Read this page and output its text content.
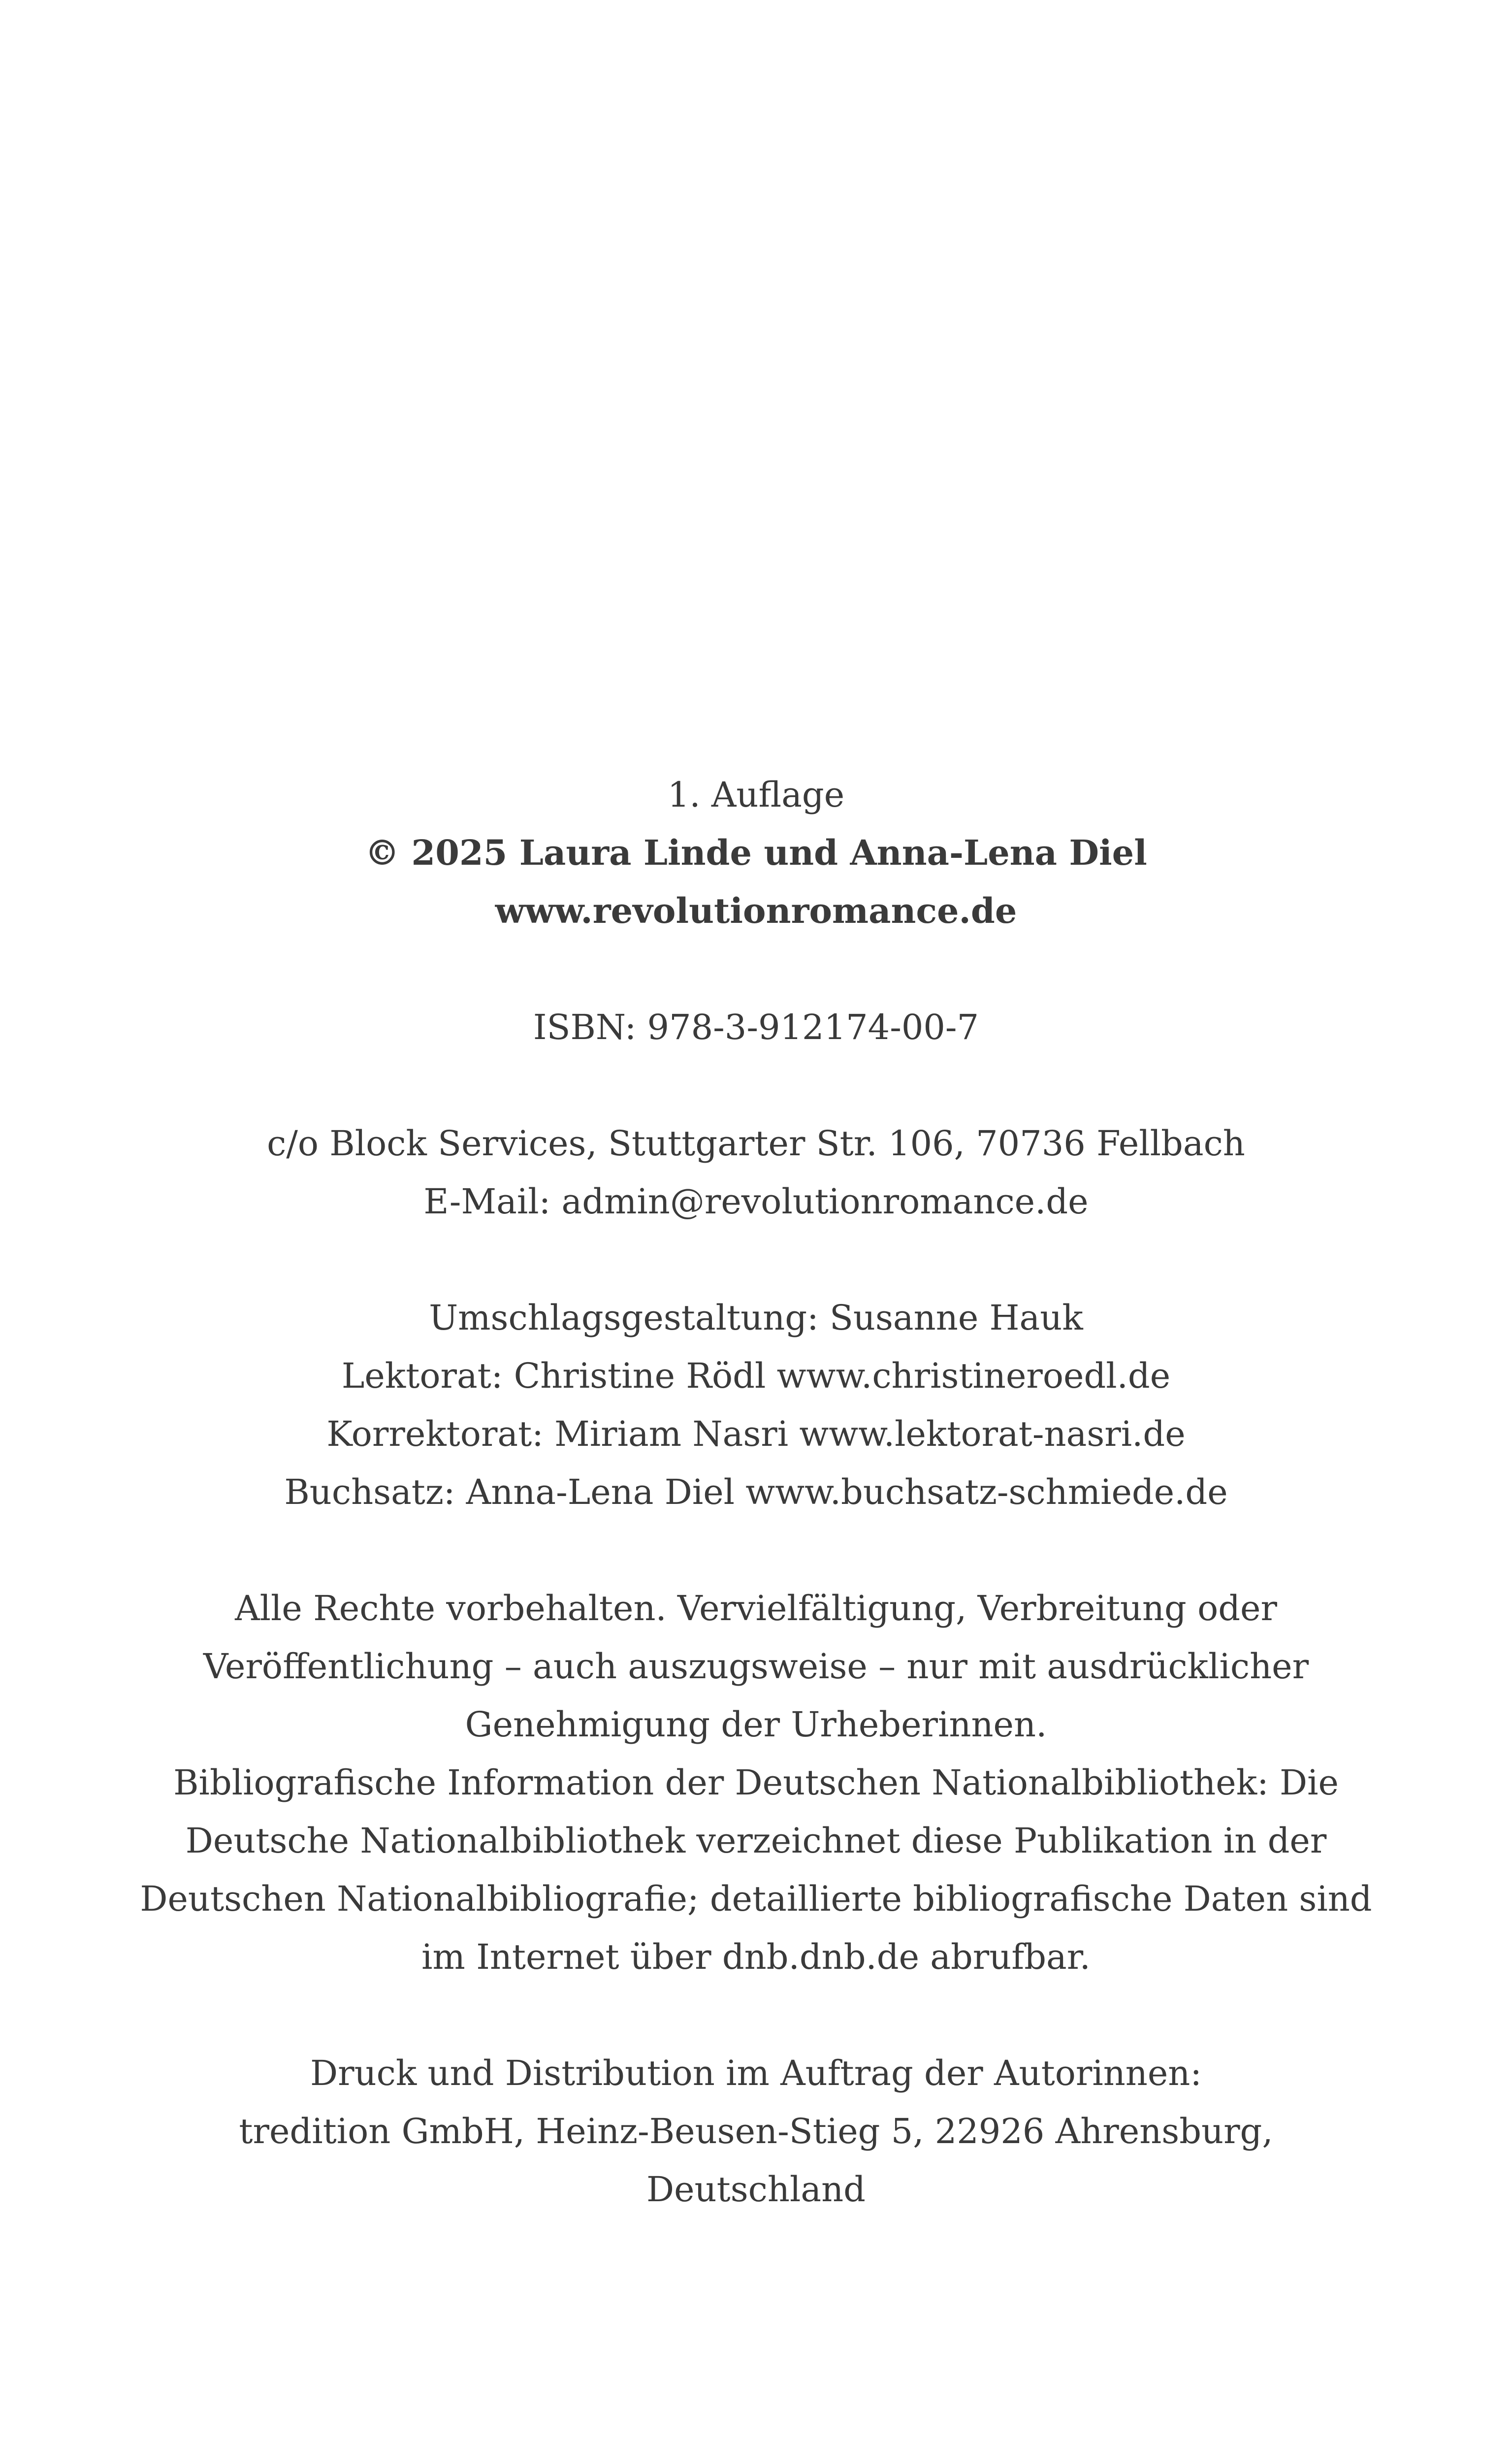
1. Auflage
© 2025 Laura Linde und Anna-Lena Diel
www.revolutionromance.de
ISBN: 978-3-912174-00-7
c/o Block Services, Stuttgarter Str. 106, 70736 Fellbach
E-Mail: admin@revolutionromance.de
Umschlagsgestaltung: Susanne Hauk
Lektorat: Christine Rödl www.christineroedl.de
Korrektorat: Miriam Nasri www.lektorat-nasri.de
Buchsatz: Anna-Lena Diel www.buchsatz-schmiede.de
Alle Rechte vorbehalten. Vervielfältigung, Verbreitung oder
Veröffentlichung – auch auszugsweise – nur mit ausdrücklicher
Genehmigung der Urheberinnen.
Bibliografische Information der Deutschen Nationalbibliothek: Die
Deutsche Nationalbibliothek verzeichnet diese Publikation in der
Deutschen Nationalbibliografie; detaillierte bibliografische Daten sind
im Internet über dnb.dnb.de abrufbar.
Druck und Distribution im Auftrag der Autorinnen:
tredition GmbH, Heinz-Beusen-Stieg 5, 22926 Ahrensburg,
Deutschland
